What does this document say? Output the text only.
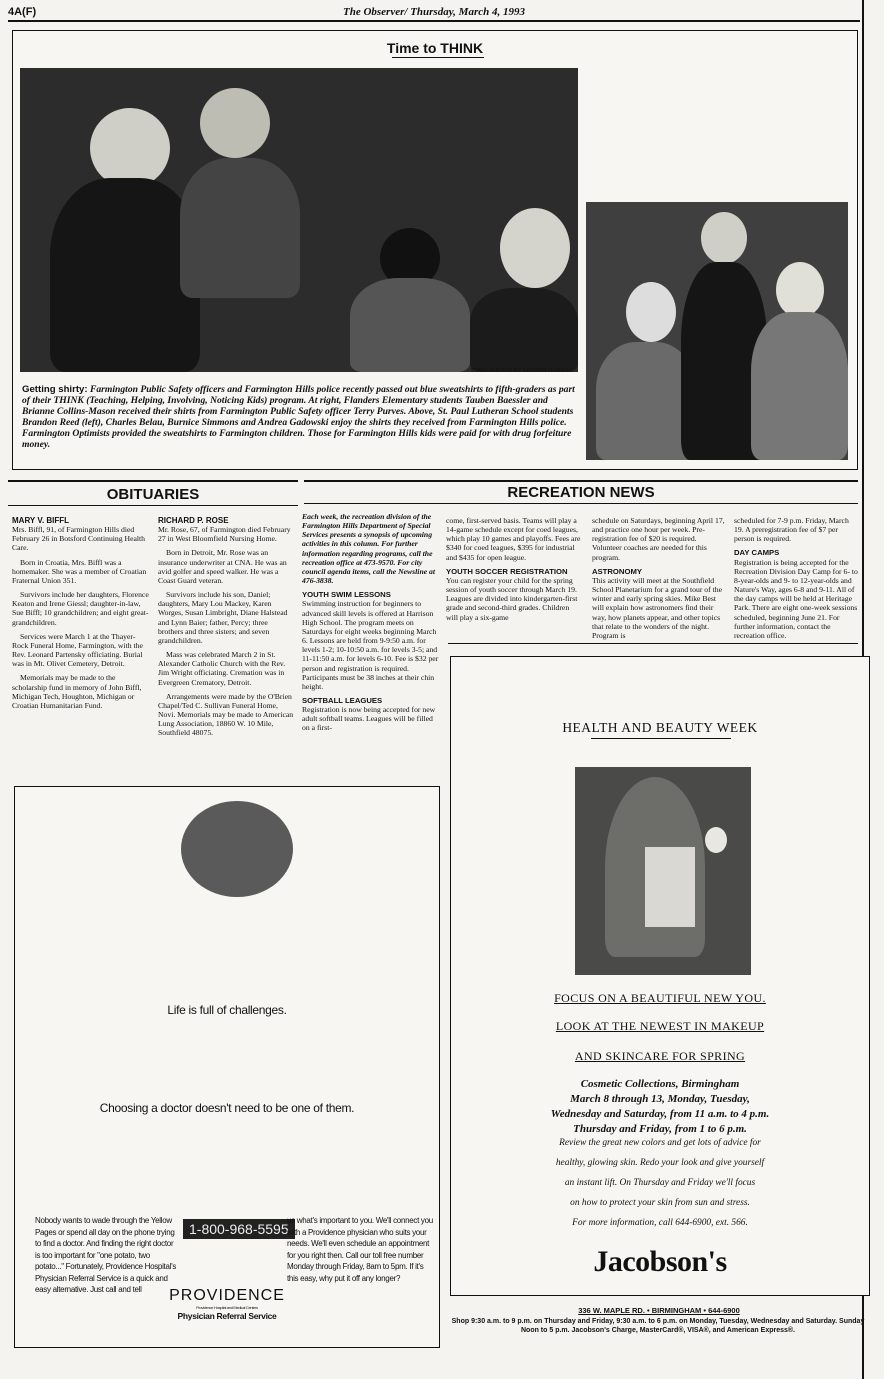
4A(F)	The Observer/ Thursday, March 4, 1993
Time to THINK
STAFF PHOTOS BY SHARON LEMIEUX
Getting shirty: Farmington Public Safety officers and Farmington Hills police recently passed out blue sweatshirts to fifth-graders as part of their THINK (Teaching, Helping, Involving, Noticing Kids) program. At right, Flanders Elementary students Tauben Baessler and Brianne Collins-Mason received their shirts from Farmington Public Safety officer Terry Purves. Above, St. Paul Lutheran School students Brandon Reed (left), Charles Belau, Burnice Simmons and Andrea Gadowski enjoy the shirts they received from Farmington Hills police. Farmington Optimists provided the sweatshirts to Farmington children. Those for Farmington Hills kids were paid for with drug forfeiture money.
OBITUARIES	RECREATION NEWS
MARY V. BIFFL

Mrs. Biffl, 91, of Farmington Hills died February 26 in Botsford Continuing Health Care.

Born in Croatia, Mrs. Biffl was a homemaker. She was a member of Croatian Fraternal Union 351.

Survivors include her daughters, Florence Keaton and Irene Giessl; daughter-in-law, Sue Biffl; 10 grandchildren; and eight great-grandchildren.

Services were March 1 at the Thayer-Rock Funeral Home, Farmington, with the Rev. Leonard Partensky officiating. Burial was in Mt. Olivet Cemetery, Detroit.

Memorials may be made to the scholarship fund in memory of John Biffl, Michigan Tech, Houghton, Michigan or Croatian Humanitarian Fund.

RICHARD P. ROSE

Mr. Rose, 67, of Farmington died February 27 in West Bloomfield Nursing Home.

Born in Detroit, Mr. Rose was an insurance underwriter at CNA. He was an avid golfer and speed walker. He was a Coast Guard veteran.

Survivors include his son, Daniel; daughters, Mary Lou Mackey, Karen Worges, Susan Limbright, Diane Halstead and Lynn Baier; father, Percy; three brothers and three sisters; and seven grandchildren.

Mass was celebrated March 2 in St. Alexander Catholic Church with the Rev. Jim Wright officiating. Cremation was in Evergreen Crematory, Detroit.

Arrangements were made by the O'Brien Chapel/Ted C. Sullivan Funeral Home, Novi. Memorials may be made to American Lung Association, 18860 W. 10 Mile, Southfield 48075.

Each week, the recreation division of the Farmington Hills Department of Special Services presents a synopsis of upcoming activities in this column. For further information regarding programs, call the recreation office at 473-9570. For city council agenda items, call the Newsline at 476-3838.

YOUTH SWIM LESSONS

Swimming instruction for beginners to advanced skill levels is offered at Harrison High School. The program meets on Saturdays for eight weeks beginning March 6. Lessons are held from 9-9:50 a.m. for levels 1-2; 10-10:50 a.m. for levels 3-5; and 11-11:50 a.m. for levels 6-10. Fee is $32 per person and registration is required. Participants must be 38 inches at their chin height.

SOFTBALL LEAGUES

Registration is now being accepted for new adult softball teams. Leagues will be filled on a first-

come, first-served basis. Teams will play a 14-game schedule except for coed leagues, which play 10 games and playoffs. Fees are $340 for coed leagues, $395 for industrial and $435 for open league.

YOUTH SOCCER REGISTRATION

You can register your child for the spring session of youth soccer through March 19. Leagues are divided into kindergarten-first grade and second-third grades. Children will play a six-game

schedule on Saturdays, beginning April 17, and practice one hour per week. Pre-registration fee of $20 is required. Volunteer coaches are needed for this program.

ASTRONOMY

This activity will meet at the Southfield School Planetarium for a grand tour of the winter and early spring skies. Mike Best will explain how astronomers find their way, how planets appear, and other topics that relate to the wonders of the night. Program is

scheduled for 7-9 p.m. Friday, March 19. A preregistration fee of $7 per person is required.

DAY CAMPS

Registration is being accepted for the Recreation Division Day Camp for 6- to 8-year-olds and 9- to 12-year-olds and Nature's Way, ages 6-8 and 9-11. All of the day camps will be held at Heritage Park. There are eight one-week sessions scheduled, beginning June 21. For further information, contact the recreation office.

Life is full of challenges.
Choosing a doctor doesn't need to be one of them.
Nobody wants to wade through the Yellow Pages or spend all day on the phone trying to find a doctor. And finding the right doctor is too important for "one potato, two potato..." Fortunately, Providence Hospital's Physician Referral Service is a quick and easy alternative. Just call and tell
1-800-968-5595
us what's important to you. We'll connect you with a Providence physician who suits your needs. We'll even schedule an appointment for you right then. Call our toll free number Monday through Friday, 8am to 5pm. If it's this easy, why put it off any longer?
PROVIDENCE
Providence Hospital and Medical Centers
Physician Referral Service
HEALTH AND BEAUTY WEEK
FOCUS ON A BEAUTIFUL NEW YOU.
LOOK AT THE NEWEST IN MAKEUP
AND SKINCARE FOR SPRING
Cosmetic Collections, Birmingham
March 8 through 13, Monday, Tuesday,
Wednesday and Saturday, from 11 a.m. to 4 p.m.
Thursday and Friday, from 1 to 6 p.m.
Review the great new colors and get lots of advice for
healthy, glowing skin. Redo your look and give yourself
an instant lift. On Thursday and Friday we'll focus
on how to protect your skin from sun and stress.
For more information, call 644-6900, ext. 566.
Jacobson's
336 W. MAPLE RD. • BIRMINGHAM • 644-6900
Shop 9:30 a.m. to 9 p.m. on Thursday and Friday, 9:30 a.m. to 6 p.m. on Monday, Tuesday, Wednesday and Saturday. Sunday Noon to 5 p.m. Jacobson's Charge, MasterCard®, VISA®, and American Express®.
